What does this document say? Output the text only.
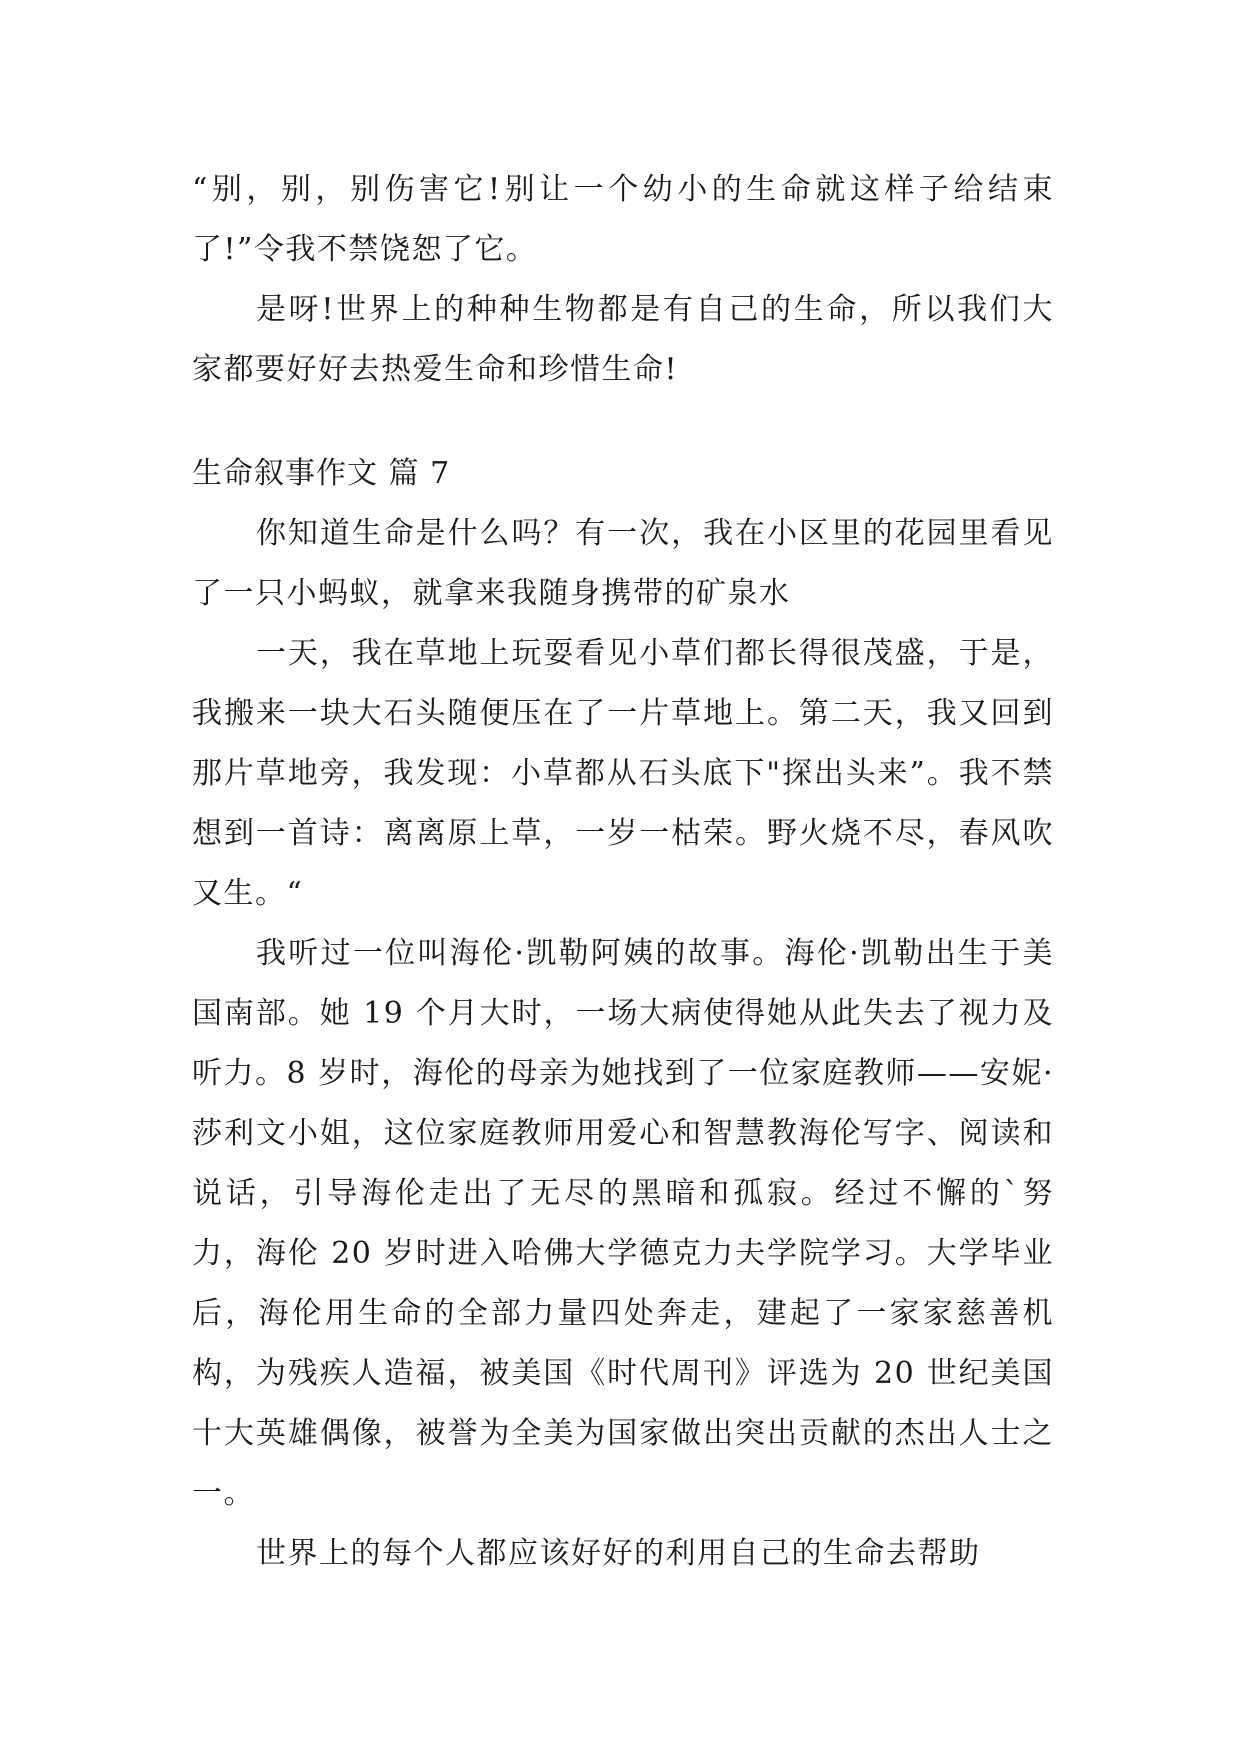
“别，别，别伤害它!别让一个幼小的生命就这样子给结束了!”令我不禁饶恕了它。

是呀!世界上的种种生物都是有自己的生命，所以我们大家都要好好去热爱生命和珍惜生命!

生命叙事作文 篇 7

你知道生命是什么吗？有一次，我在小区里的花园里看见了一只小蚂蚁，就拿来我随身携带的矿泉水

一天，我在草地上玩耍看见小草们都长得很茂盛，于是，我搬来一块大石头随便压在了一片草地上。第二天，我又回到那片草地旁，我发现：小草都从石头底下"探出头来”。我不禁想到一首诗：离离原上草，一岁一枯荣。野火烧不尽，春风吹又生。“

我听过一位叫海伦·凯勒阿姨的故事。海伦·凯勒出生于美国南部。她 19 个月大时，一场大病使得她从此失去了视力及听力。8 岁时，海伦的母亲为她找到了一位家庭教师——安妮·莎利文小姐，这位家庭教师用爱心和智慧教海伦写字、阅读和说话，引导海伦走出了无尽的黑暗和孤寂。经过不懈的`努力，海伦 20 岁时进入哈佛大学德克力夫学院学习。大学毕业后，海伦用生命的全部力量四处奔走，建起了一家家慈善机构，为残疾人造福，被美国《时代周刊》评选为 20 世纪美国十大英雄偶像，被誉为全美为国家做出突出贡献的杰出人士之一。

世界上的每个人都应该好好的利用自己的生命去帮助
